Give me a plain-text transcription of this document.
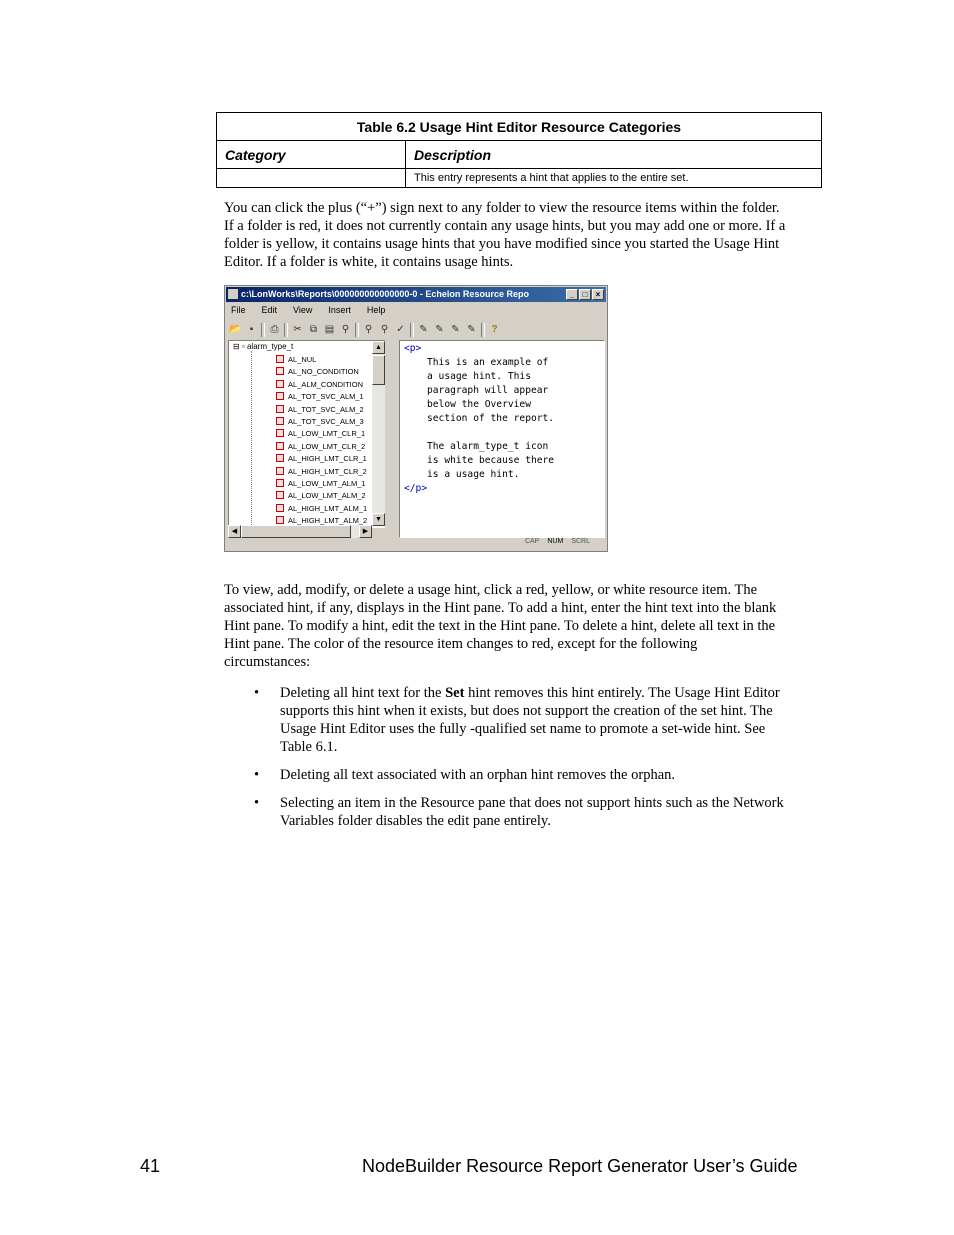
Table 6.2 Usage Hint Editor Resource Categories	
Category	Description
	This entry represents a hint that applies to the entire set.

You can click the plus (“+”) sign next to any folder to view the resource items within the folder. If a folder is red, it does not currently contain any usage hints, but you may add one or more. If a folder is yellow, it contains usage hints that you have modified since you started the Usage Hint Editor. If a folder is white, it contains usage hints.

c:\LonWorks\Reports\000000000000000-0 - Echelon Resource Repo	_	□	×
File Edit View Insert Help
📂 ▪	⎙ ✂ ⧉ ▤ ⚲ ⚲ ⚲ ✓ ✎ ✎ ✎ ✎	?
⊟ ▫ alarm_type_t
AL_NUL
AL_NO_CONDITION
AL_ALM_CONDITION
AL_TOT_SVC_ALM_1
AL_TOT_SVC_ALM_2
AL_TOT_SVC_ALM_3
AL_LOW_LMT_CLR_1
AL_LOW_LMT_CLR_2
AL_HIGH_LMT_CLR_1
AL_HIGH_LMT_CLR_2
AL_LOW_LMT_ALM_1
AL_LOW_LMT_ALM_2
AL_HIGH_LMT_ALM_1
AL_HIGH_LMT_ALM_2
▲
▼
◀	▶
<p>
This is an example of
a usage hint. This
paragraph will appear
below the Overview
section of the report.

The alarm_type_t icon
is white because there
is a usage hint.
</p>
CAP NUM SCRL

To view, add, modify, or delete a usage hint, click a red, yellow, or white resource item. The associated hint, if any, displays in the Hint pane. To add a hint, enter the hint text into the blank Hint pane. To modify a hint, edit the text in the Hint pane. To delete a hint, delete all text in the Hint pane. The color of the resource item changes to red, except for the following circumstances:

• Deleting all hint text for the Set hint removes this hint entirely. The Usage Hint Editor supports this hint when it exists, but does not support the creation of the set hint. The Usage Hint Editor uses the fully -qualified set name to promote a set-wide hint. See Table 6.1.
• Deleting all text associated with an orphan hint removes the orphan.
• Selecting an item in the Resource pane that does not support hints such as the Network Variables folder disables the edit pane entirely.
41	NodeBuilder Resource Report Generator User’s Guide
